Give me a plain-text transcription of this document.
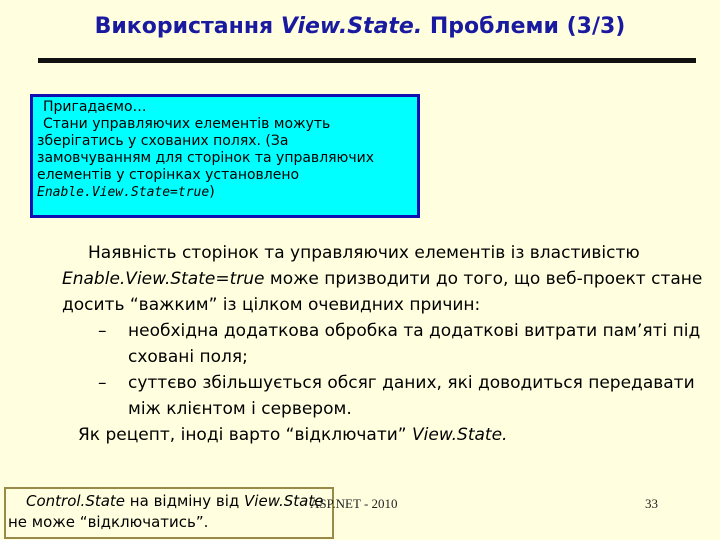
Використання View.State. Проблеми (3/3)
Пригадаємо…
Стани управляючих елементів можуть
зберігатись у схованих полях. (За
замовчуванням для сторінок та управляючих
елементів у сторінках установлено
Enable.View.State=true)
Наявність сторінок та управляючих елементів із властивістю
Enable.View.State=true може призводити до того, що веб-проект стане
досить “важким” із цілком очевидних причин:
– необхідна додаткова обробка та додаткові витрати пам’яті під
сховані поля;
– суттєво збільшується обсяг даних, які доводиться передавати
між клієнтом і сервером.
Як рецепт, іноді варто “відключати” View.State.
Control.State на відміну від View.State
не може “відключатись”.
ASP.NET - 2010	33
